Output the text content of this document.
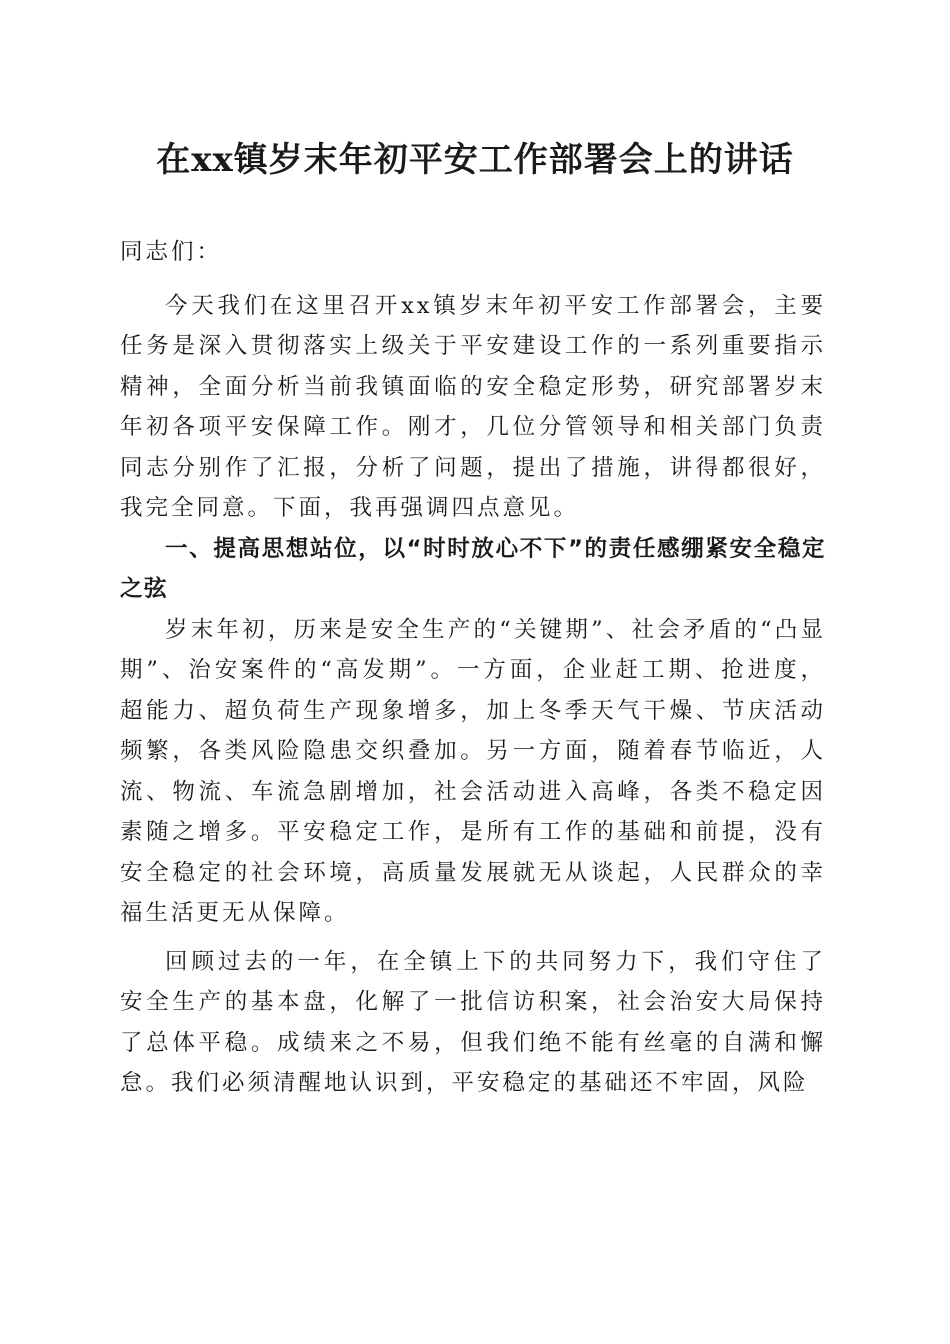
在xx镇岁末年初平安工作部署会上的讲话

同志们：

今天我们在这里召开xx镇岁末年初平安工作部署会，主要任务是深入贯彻落实上级关于平安建设工作的一系列重要指示精神，全面分析当前我镇面临的安全稳定形势，研究部署岁末年初各项平安保障工作。刚才，几位分管领导和相关部门负责同志分别作了汇报，分析了问题，提出了措施，讲得都很好，我完全同意。下面，我再强调四点意见。

一、提高思想站位，以“时时放心不下”的责任感绷紧安全稳定之弦

岁末年初，历来是安全生产的“关键期”、社会矛盾的“凸显期”、治安案件的“高发期”。一方面，企业赶工期、抢进度，超能力、超负荷生产现象增多，加上冬季天气干燥、节庆活动频繁，各类风险隐患交织叠加。另一方面，随着春节临近，人流、物流、车流急剧增加，社会活动进入高峰，各类不稳定因素随之增多。平安稳定工作，是所有工作的基础和前提，没有安全稳定的社会环境，高质量发展就无从谈起，人民群众的幸福生活更无从保障。

回顾过去的一年，在全镇上下的共同努力下，我们守住了安全生产的基本盘，化解了一批信访积案，社会治安大局保持了总体平稳。成绩来之不易，但我们绝不能有丝毫的自满和懈怠。我们必须清醒地认识到，平安稳定的基础还不牢固，风险
